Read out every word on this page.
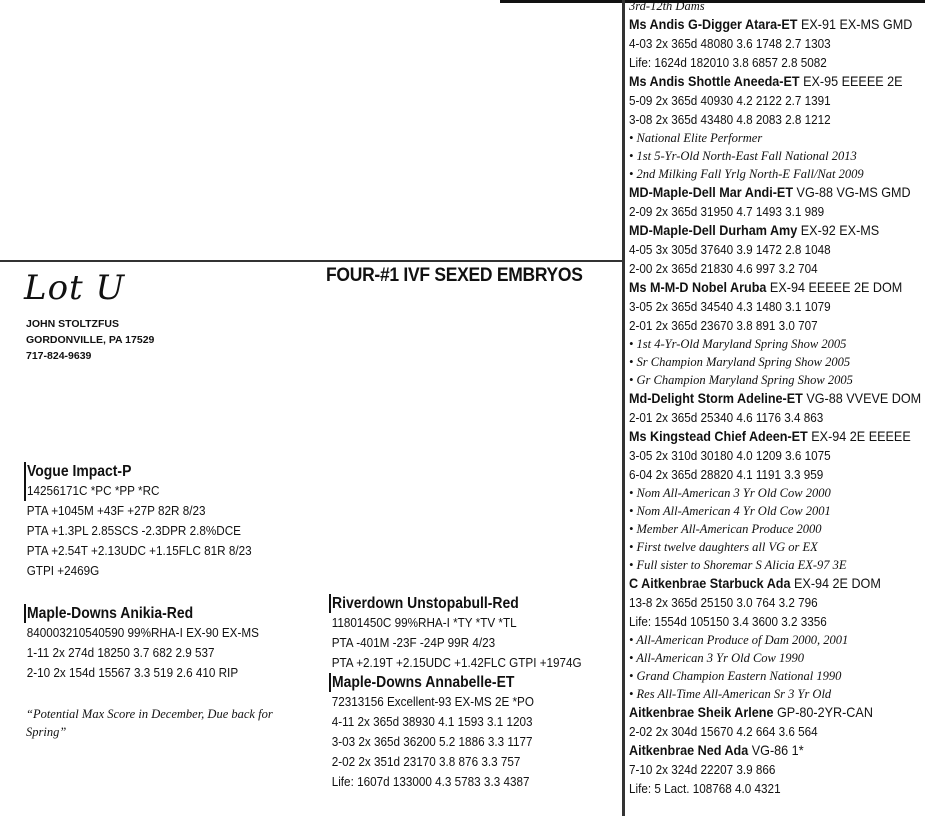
Lot U	FOUR-#1 IVF SEXED EMBRYOS
JOHN STOLTZFUS
GORDONVILLE, PA 17529
717-824-9639
Vogue Impact-P
14256171C *PC *PP *RC
PTA +1045M +43F +27P 82R 8/23
PTA +1.3PL 2.85SCS -2.3DPR 2.8%DCE
PTA +2.54T +2.13UDC +1.15FLC 81R 8/23
GTPI +2469G
Maple-Downs Anikia-Red
840003210540590 99%RHA-I EX-90 EX-MS
1-11 2x 274d 18250 3.7 682 2.9 537
2-10 2x 154d 15567 3.3 519 2.6 410 RIP
“Potential Max Score in December, Due back for Spring”
Riverdown Unstopabull-Red
11801450C 99%RHA-I *TY *TV *TL
PTA -401M -23F -24P 99R 4/23
PTA +2.19T +2.15UDC +1.42FLC GTPI +1974G
Maple-Downs Annabelle-ET
72313156 Excellent-93 EX-MS 2E *PO
4-11 2x 365d 38930 4.1 1593 3.1 1203
3-03 2x 365d 36200 5.2 1886 3.3 1177
2-02 2x 351d 23170 3.8 876 3.3 757
Life: 1607d 133000 4.3 5783 3.3 4387
3rd-12th Dams
Ms Andis G-Digger Atara-ET EX-91 EX-MS GMD
4-03 2x 365d 48080 3.6 1748 2.7 1303
Life: 1624d 182010 3.8 6857 2.8 5082
Ms Andis Shottle Aneeda-ET EX-95 EEEEE 2E
5-09 2x 365d 40930 4.2 2122 2.7 1391
3-08 2x 365d 43480 4.8 2083 2.8 1212
• National Elite Performer
• 1st 5-Yr-Old North-East Fall National 2013
• 2nd Milking Fall Yrlg North-E Fall/Nat 2009
MD-Maple-Dell Mar Andi-ET VG-88 VG-MS GMD
2-09 2x 365d 31950 4.7 1493 3.1 989
MD-Maple-Dell Durham Amy EX-92 EX-MS
4-05 3x 305d 37640 3.9 1472 2.8 1048
2-00 2x 365d 21830 4.6 997 3.2 704
Ms M-M-D Nobel Aruba EX-94 EEEEE 2E DOM
3-05 2x 365d 34540 4.3 1480 3.1 1079
2-01 2x 365d 23670 3.8 891 3.0 707
• 1st 4-Yr-Old Maryland Spring Show 2005
• Sr Champion Maryland Spring Show 2005
• Gr Champion Maryland Spring Show 2005
Md-Delight Storm Adeline-ET VG-88 VVEVE DOM
2-01 2x 365d 25340 4.6 1176 3.4 863
Ms Kingstead Chief Adeen-ET EX-94 2E EEEEE
3-05 2x 310d 30180 4.0 1209 3.6 1075
6-04 2x 365d 28820 4.1 1191 3.3 959
• Nom All-American 3 Yr Old Cow 2000
• Nom All-American 4 Yr Old Cow 2001
• Member All-American Produce 2000
• First twelve daughters all VG or EX
• Full sister to Shoremar S Alicia EX-97 3E
C Aitkenbrae Starbuck Ada EX-94 2E DOM
13-8 2x 365d 25150 3.0 764 3.2 796
Life: 1554d 105150 3.4 3600 3.2 3356
• All-American Produce of Dam 2000, 2001
• All-American 3 Yr Old Cow 1990
• Grand Champion Eastern National 1990
• Res All-Time All-American Sr 3 Yr Old
Aitkenbrae Sheik Arlene GP-80-2YR-CAN
2-02 2x 304d 15670 4.2 664 3.6 564
Aitkenbrae Ned Ada VG-86 1*
7-10 2x 324d 22207 3.9 866
Life: 5 Lact. 108768 4.0 4321
